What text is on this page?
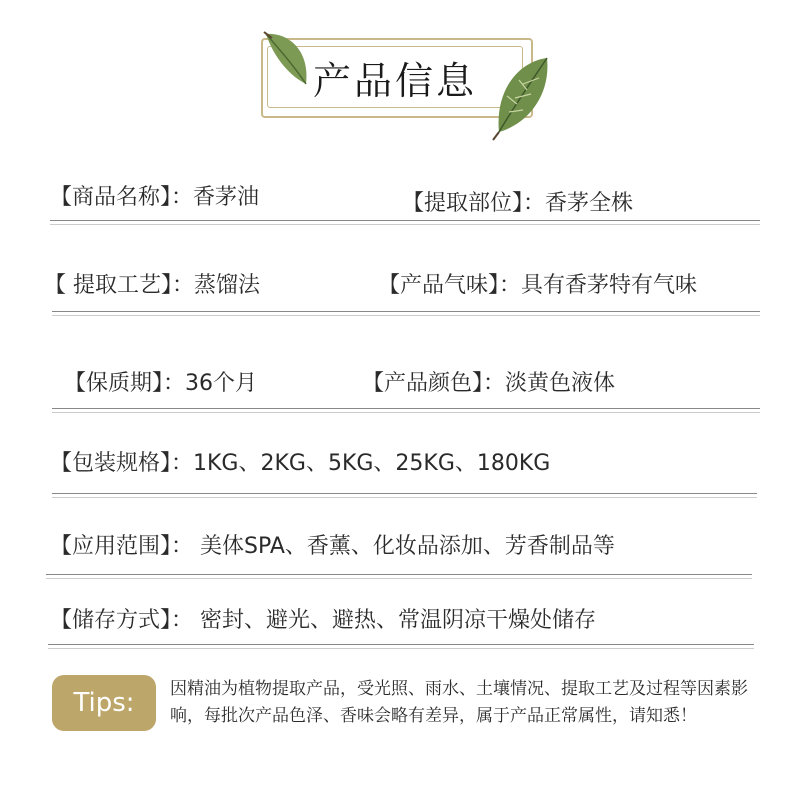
产品信息
【商品名称】：香茅油	【提取部位】：香茅全株
【 提取工艺】：蒸馏法	【产品气味】：具有香茅特有气味
【保质期】：36个月	【产品颜色】：淡黄色液体
【包装规格】：1KG、2KG、5KG、25KG、180KG
【应用范围】： 美体SPA、香薰、化妆品添加、芳香制品等
【储存方式】： 密封、避光、避热、常温阴凉干燥处储存
Tips:	因精油为植物提取产品，受光照、雨水、土壤情况、提取工艺及过程等因素影响，每批次产品色泽、香味会略有差异，属于产品正常属性，请知悉！
